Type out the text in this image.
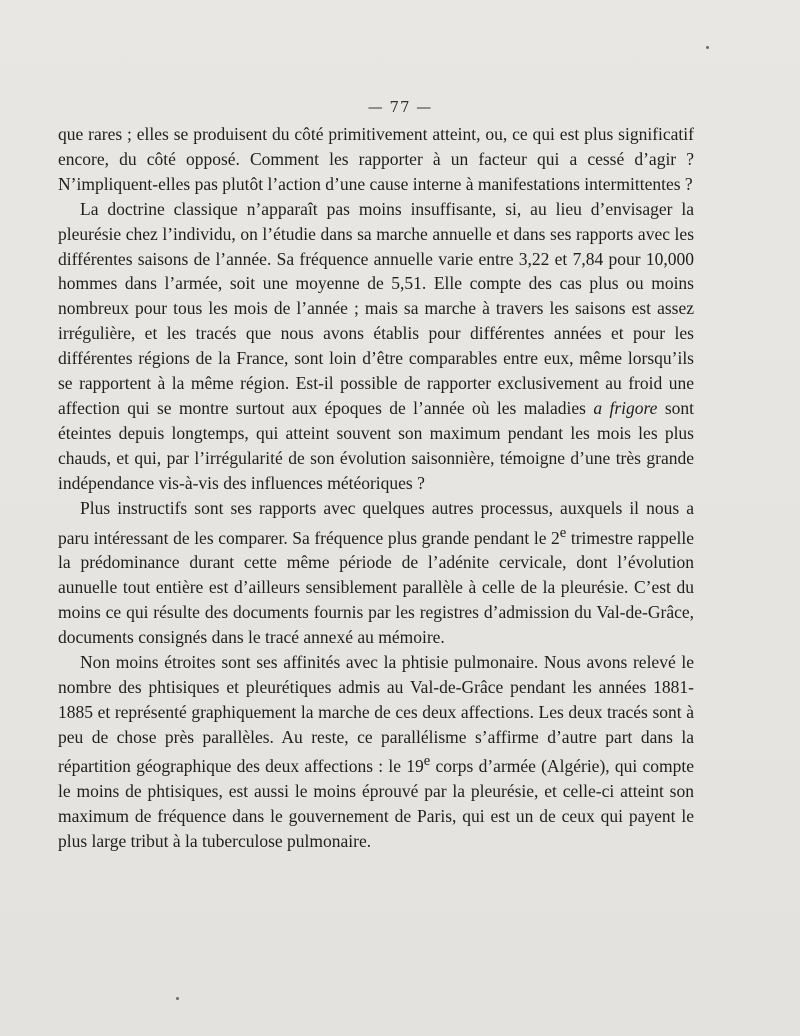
— 77 —

que rares ; elles se produisent du côté primitivement atteint, ou, ce qui est plus significatif encore, du côté opposé. Comment les rapporter à un facteur qui a cessé d’agir ? N’impliquent-elles pas plutôt l’action d’une cause interne à manifestations intermittentes ?

La doctrine classique n’apparaît pas moins insuffisante, si, au lieu d’envisager la pleurésie chez l’individu, on l’étudie dans sa marche annuelle et dans ses rapports avec les différentes saisons de l’année. Sa fréquence annuelle varie entre 3,22 et 7,84 pour 10,000 hommes dans l’armée, soit une moyenne de 5,51. Elle compte des cas plus ou moins nombreux pour tous les mois de l’année ; mais sa marche à travers les saisons est assez irrégulière, et les tracés que nous avons établis pour différentes années et pour les différentes régions de la France, sont loin d’être comparables entre eux, même lorsqu’ils se rapportent à la même région. Est-il possible de rapporter exclusivement au froid une affection qui se montre surtout aux époques de l’année où les maladies a frigore sont éteintes depuis longtemps, qui atteint souvent son maximum pendant les mois les plus chauds, et qui, par l’irrégularité de son évolution saisonnière, témoigne d’une très grande indépendance vis-à-vis des influences météoriques ?

Plus instructifs sont ses rapports avec quelques autres processus, auxquels il nous a paru intéressant de les comparer. Sa fréquence plus grande pendant le 2e trimestre rappelle la prédominance durant cette même période de l’adénite cervicale, dont l’évolution aunuelle tout entière est d’ailleurs sensiblement parallèle à celle de la pleurésie. C’est du moins ce qui résulte des documents fournis par les registres d’admission du Val-de-Grâce, documents consignés dans le tracé annexé au mémoire.

Non moins étroites sont ses affinités avec la phtisie pulmonaire. Nous avons relevé le nombre des phtisiques et pleurétiques admis au Val-de-Grâce pendant les années 1881-1885 et représenté graphiquement la marche de ces deux affections. Les deux tracés sont à peu de chose près parallèles. Au reste, ce parallélisme s’affirme d’autre part dans la répartition géographique des deux affections : le 19e corps d’armée (Algérie), qui compte le moins de phtisiques, est aussi le moins éprouvé par la pleurésie, et celle-ci atteint son maximum de fréquence dans le gouvernement de Paris, qui est un de ceux qui payent le plus large tribut à la tuberculose pulmonaire.
